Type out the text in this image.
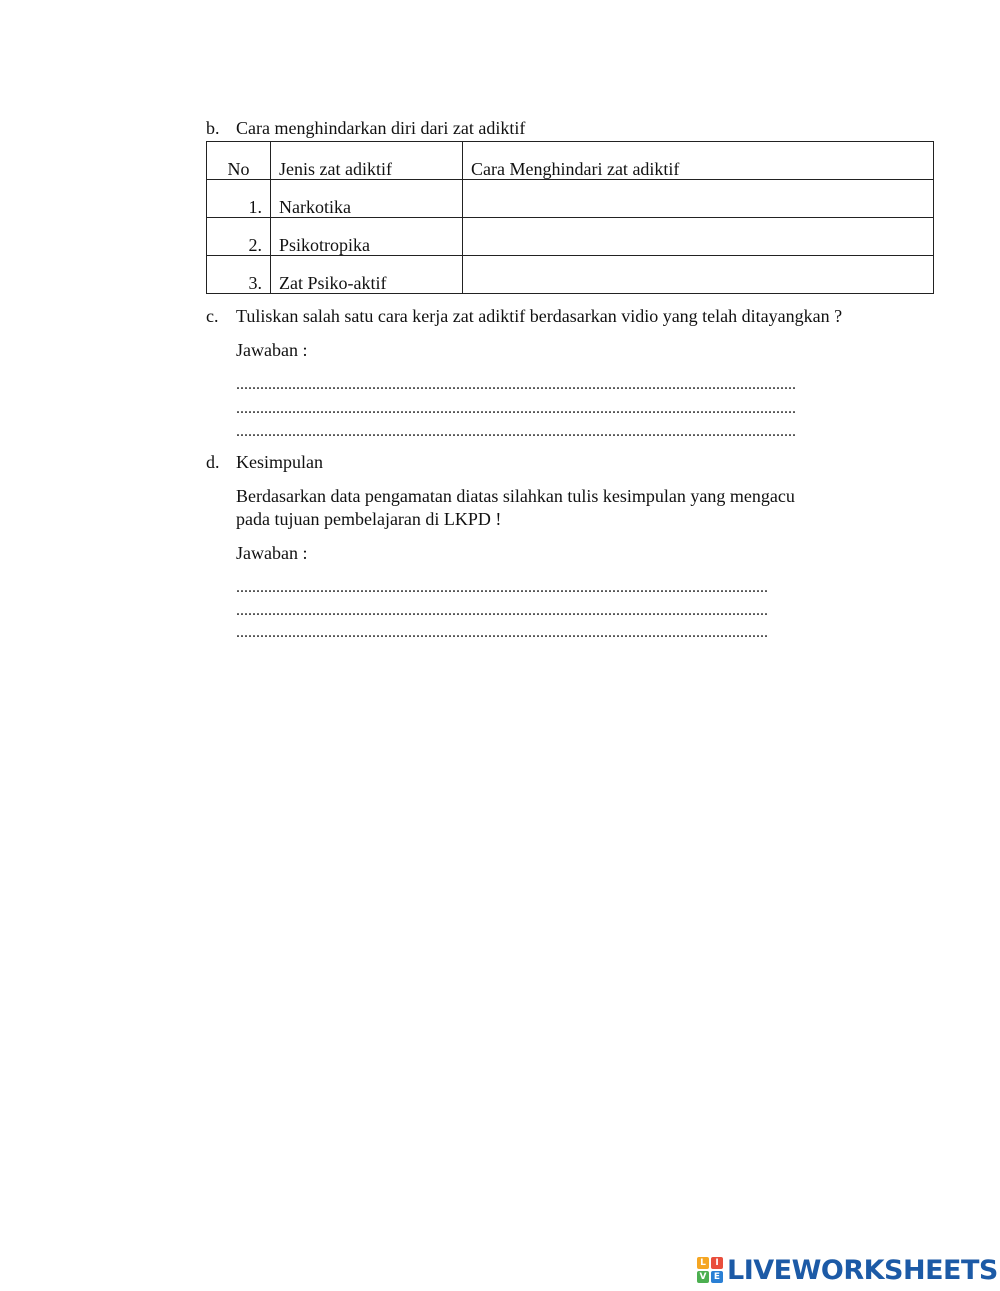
b. Cara menghindarkan diri dari zat adiktif
No	Jenis zat adiktif	Cara Menghindari zat adiktif
1.	Narkotika	
2.	Psikotropika	
3.	Zat Psiko-aktif	
c. Tuliskan salah satu cara kerja zat adiktif berdasarkan vidio yang telah ditayangkan ?
Jawaban :
............................................................................................................................................
............................................................................................................................................
............................................................................................................................................
d. Kesimpulan
Berdasarkan data pengamatan diatas silahkan tulis kesimpulan yang mengacu
pada tujuan pembelajaran di LKPD !
Jawaban :
.....................................................................................................................................
.....................................................................................................................................
.....................................................................................................................................
L	I
V E LIVEWORKSHEETS
